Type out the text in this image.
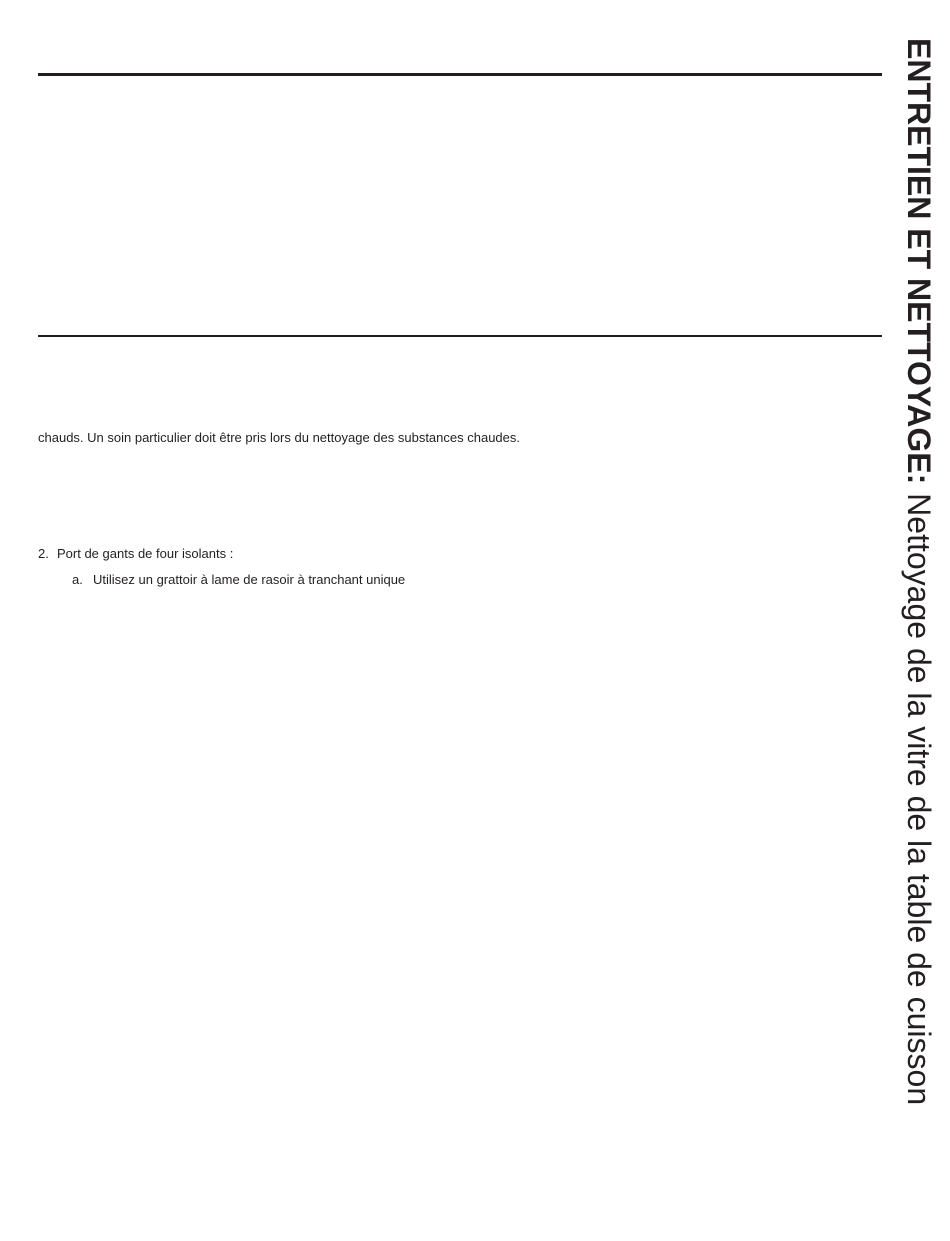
chauds. Un soin particulier doit être pris lors du nettoyage des substances chaudes.
2. Port de gants de four isolants :
a. Utilisez un grattoir à lame de rasoir à tranchant unique
ENTRETIEN ET NETTOYAGE: Nettoyage de la vitre de la table de cuisson
